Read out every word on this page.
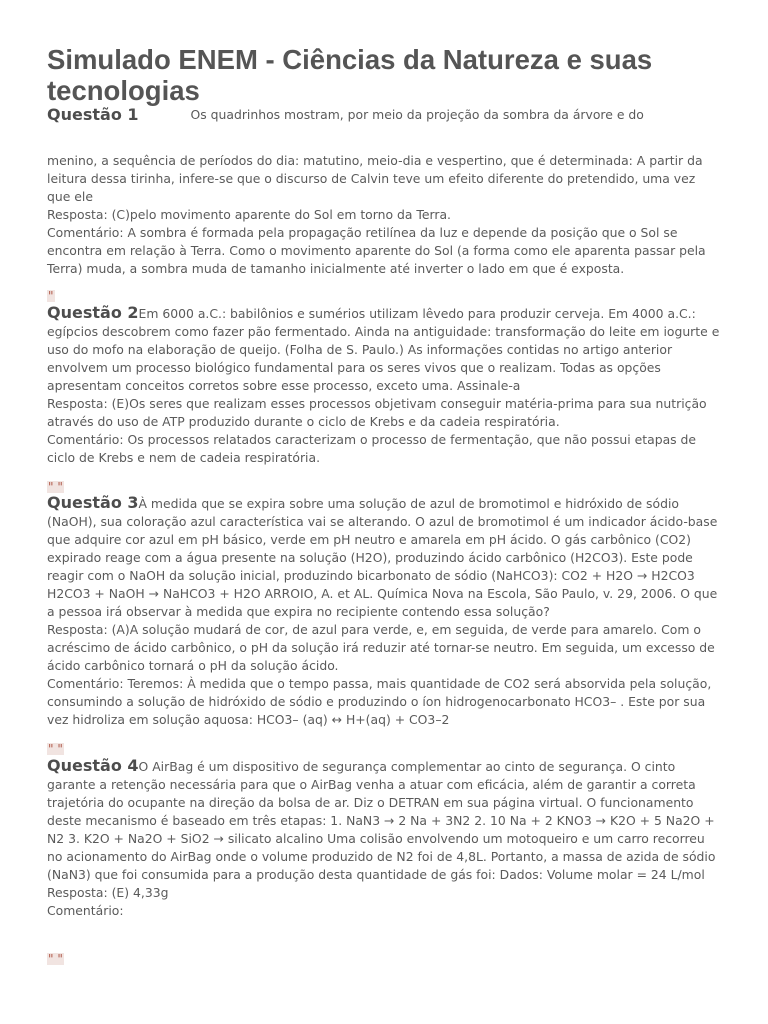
Simulado ENEM - Ciências da Natureza e suas tecnologias
Questão 1	Os quadrinhos mostram, por meio da projeção da sombra da árvore e do
menino, a sequência de períodos do dia: matutino, meio-dia e vespertino, que é determinada: A partir da leitura dessa tirinha, infere-se que o discurso de Calvin teve um efeito diferente do pretendido, uma vez que ele
Resposta: (C)pelo movimento aparente do Sol em torno da Terra.
Comentário: A sombra é formada pela propagação retilínea da luz e depende da posição que o Sol se encontra em relação à Terra. Como o movimento aparente do Sol (a forma como ele aparenta passar pela Terra) muda, a sombra muda de tamanho inicialmente até inverter o lado em que é exposta.
"
Questão 2Em 6000 a.C.: babilônios e sumérios utilizam lêvedo para produzir cerveja. Em 4000 a.C.: egípcios descobrem como fazer pão fermentado. Ainda na antiguidade: transformação do leite em iogurte e uso do mofo na elaboração de queijo. (Folha de S. Paulo.) As informações contidas no artigo anterior envolvem um processo biológico fundamental para os seres vivos que o realizam. Todas as opções apresentam conceitos corretos sobre esse processo, exceto uma. Assinale-a
Resposta: (E)Os seres que realizam esses processos objetivam conseguir matéria-prima para sua nutrição através do uso de ATP produzido durante o ciclo de Krebs e da cadeia respiratória.
Comentário: Os processos relatados caracterizam o processo de fermentação, que não possui etapas de ciclo de Krebs e nem de cadeia respiratória.
" "
Questão 3À medida que se expira sobre uma solução de azul de bromotimol e hidróxido de sódio (NaOH), sua coloração azul característica vai se alterando. O azul de bromotimol é um indicador ácido-base que adquire cor azul em pH básico, verde em pH neutro e amarela em pH ácido. O gás carbônico (CO2) expirado reage com a água presente na solução (H2O), produzindo ácido carbônico (H2CO3). Este pode reagir com o NaOH da solução inicial, produzindo bicarbonato de sódio (NaHCO3): CO2 + H2O → H2CO3 H2CO3 + NaOH → NaHCO3 + H2O ARROIO, A. et AL. Química Nova na Escola, São Paulo, v. 29, 2006. O que a pessoa irá observar à medida que expira no recipiente contendo essa solução?
Resposta: (A)A solução mudará de cor, de azul para verde, e, em seguida, de verde para amarelo. Com o acréscimo de ácido carbônico, o pH da solução irá reduzir até tornar-se neutro. Em seguida, um excesso de ácido carbônico tornará o pH da solução ácido.
Comentário: Teremos: À medida que o tempo passa, mais quantidade de CO2 será absorvida pela solução, consumindo a solução de hidróxido de sódio e produzindo o íon hidrogenocarbonato HCO3– . Este por sua vez hidroliza em solução aquosa: HCO3– (aq) ↔ H+(aq) + CO3–2
" "
Questão 4O AirBag é um dispositivo de segurança complementar ao cinto de segurança. O cinto garante a retenção necessária para que o AirBag venha a atuar com eficácia, além de garantir a correta trajetória do ocupante na direção da bolsa de ar. Diz o DETRAN em sua página virtual. O funcionamento deste mecanismo é baseado em três etapas: 1. NaN3 → 2 Na + 3N2 2. 10 Na + 2 KNO3 → K2O + 5 Na2O + N2 3. K2O + Na2O + SiO2 → silicato alcalino Uma colisão envolvendo um motoqueiro e um carro recorreu no acionamento do AirBag onde o volume produzido de N2 foi de 4,8L. Portanto, a massa de azida de sódio (NaN3) que foi consumida para a produção desta quantidade de gás foi: Dados: Volume molar = 24 L/mol
Resposta: (E) 4,33g
Comentário:
" "
